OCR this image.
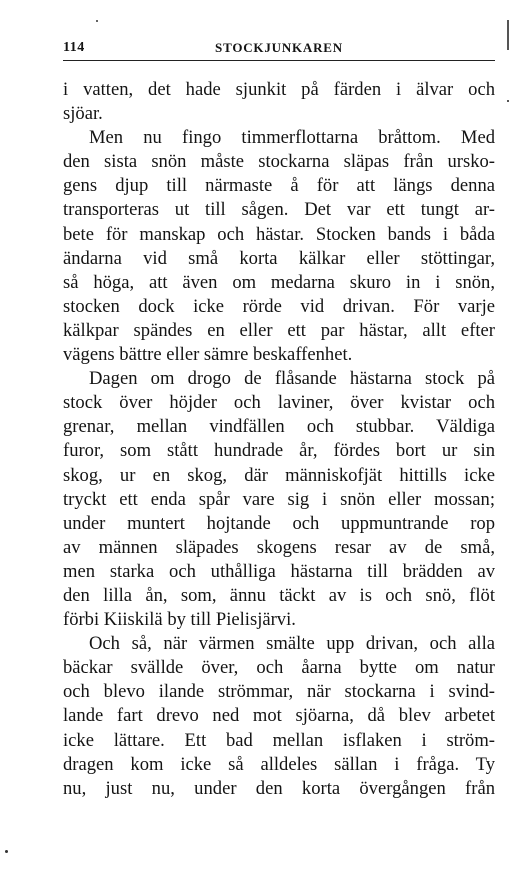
114	STOCKJUNKAREN
i vatten, det hade sjunkit på färden i älvar och
sjöar.
Men nu fingo timmerflottarna bråttom. Med
den sista snön måste stockarna släpas från ursko-
gens djup till närmaste å för att längs denna
transporteras ut till sågen. Det var ett tungt ar-
bete för manskap och hästar. Stocken bands i båda
ändarna vid små korta kälkar eller stöttingar,
så höga, att även om medarna skuro in i snön,
stocken dock icke rörde vid drivan. För varje
kälkpar spändes en eller ett par hästar, allt efter
vägens bättre eller sämre beskaffenhet.
Dagen om drogo de flåsande hästarna stock på
stock över höjder och laviner, över kvistar och
grenar, mellan vindfällen och stubbar. Väldiga
furor, som stått hundrade år, fördes bort ur sin
skog, ur en skog, där människofjät hittills icke
tryckt ett enda spår vare sig i snön eller mossan;
under muntert hojtande och uppmuntrande rop
av männen släpades skogens resar av de små,
men starka och uthålliga hästarna till brädden av
den lilla ån, som, ännu täckt av is och snö, flöt
förbi Kiiskilä by till Pielisjärvi.
Och så, när värmen smälte upp drivan, och alla
bäckar svällde över, och åarna bytte om natur
och blevo ilande strömmar, när stockarna i svind-
lande fart drevo ned mot sjöarna, då blev arbetet
icke lättare. Ett bad mellan isflaken i ström-
dragen kom icke så alldeles sällan i fråga. Ty
nu, just nu, under den korta övergången från
